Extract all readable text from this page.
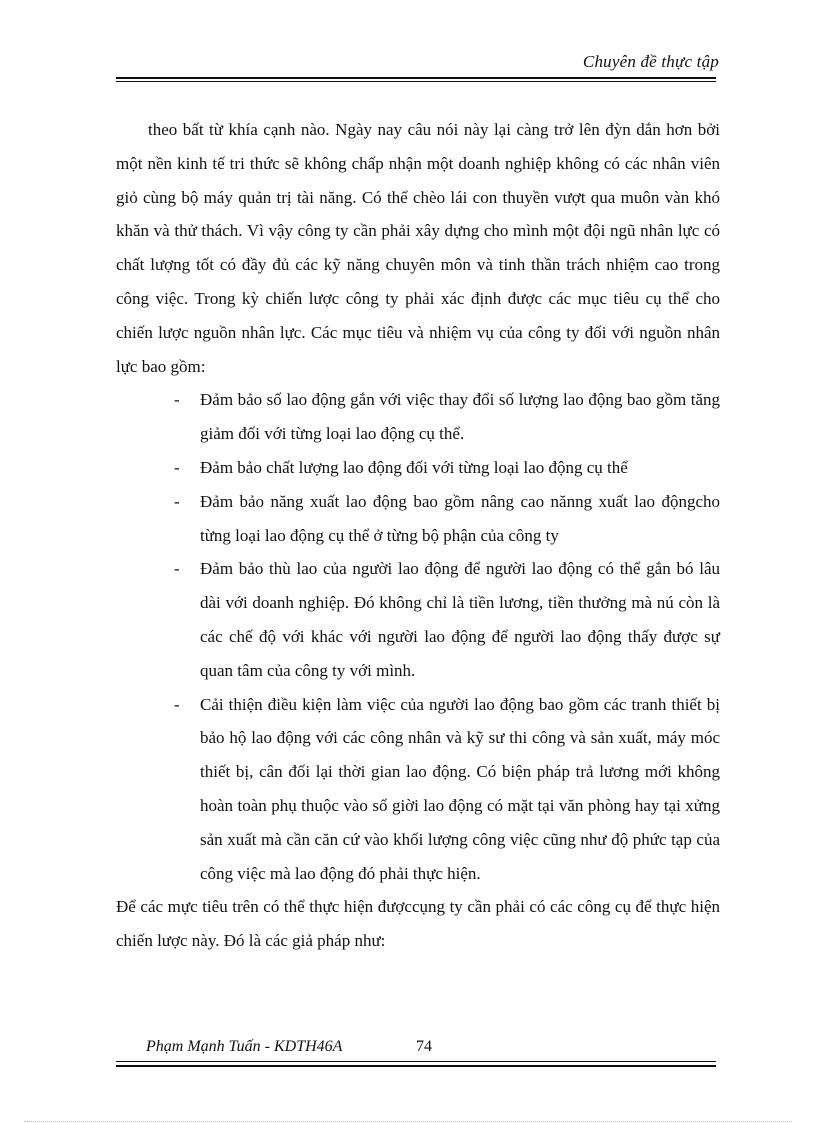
Chuyên đề thực tập

theo bất từ khía cạnh nào. Ngày nay câu nói này lại càng trở lên đỳn dắn hơn bởi một nền kinh tế tri thức sẽ không chấp nhận một doanh nghiệp không có các nhân viên giỏ cùng bộ máy quản trị tài năng. Có thể chèo lái con thuyền vượt qua muôn vàn khó khăn và thử thách. Vì vậy công ty cần phải xây dựng cho mình một đội ngũ nhân lực có chất lượng tốt có đầy đủ các kỹ năng chuyên môn và tinh thần trách nhiệm cao trong công việc. Trong kỳ chiến lược công ty phải xác định được các mục tiêu cụ thể cho chiến lược nguồn nhân lực. Các mục tiêu và nhiệm vụ của công ty đối với nguồn nhân lực bao gồm:

- Đảm bảo số lao động gắn với việc thay đổi số lượng lao động bao gồm tăng giảm đối với từng loại lao động cụ thể.
- Đảm bảo chất lượng lao động đối với từng loại lao động cụ thể
- Đảm bảo năng xuất lao động bao gồm nâng cao nănng xuất lao độngcho từng loại lao động cụ thể ở từng bộ phận của công ty
- Đảm bảo thù lao của người lao động để người lao động có thể gắn bó lâu dài với doanh nghiệp. Đó không chỉ là tiền lương, tiền thưởng mà nú còn là các chế độ với khác với người lao động để người lao động thấy được sự quan tâm của công ty với mình.
- Cải thiện điều kiện làm việc của người lao động bao gồm các tranh thiết bị bảo hộ lao động với các công nhân và kỹ sư thi công và sản xuất, máy móc thiết bị, cân đối lại thời gian lao động. Có biện pháp trả lương mới không hoàn toàn phụ thuộc vào số giời lao động có mặt tại văn phòng hay tại xửng sản xuất mà cần căn cứ vào khối lượng công việc cũng như độ phức tạp của công việc mà lao động đó phải thực hiện.

Để các mực tiêu trên có thể thực hiện đượccụng ty cần phải có các công cụ để thực hiện chiến lược này. Đó là các giả pháp như:

Phạm Mạnh Tuấn - KDTH46A	74
